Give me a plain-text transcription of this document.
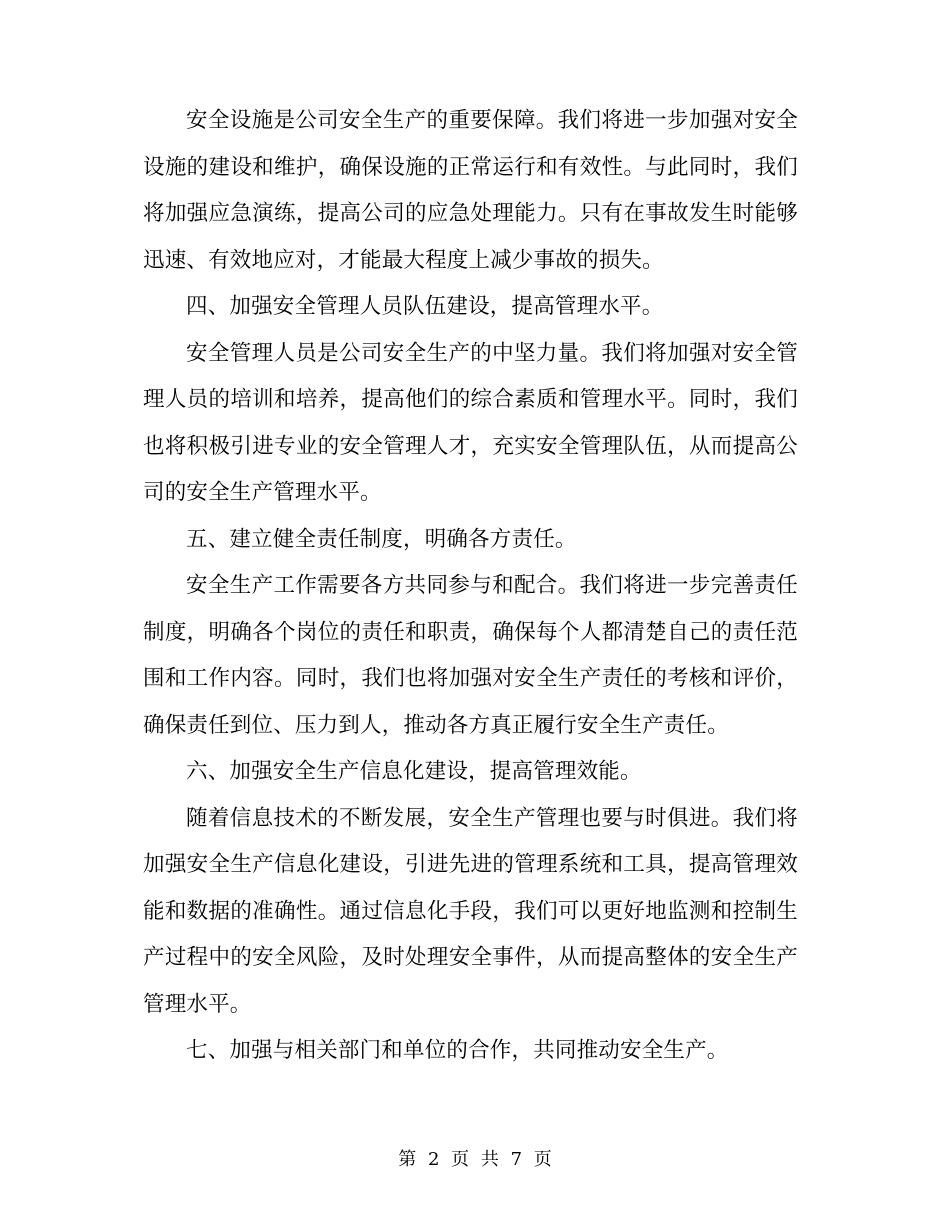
安全设施是公司安全生产的重要保障。我们将进一步加强对安全设施的建设和维护，确保设施的正常运行和有效性。与此同时，我们将加强应急演练，提高公司的应急处理能力。只有在事故发生时能够迅速、有效地应对，才能最大程度上减少事故的损失。

四、加强安全管理人员队伍建设，提高管理水平。

安全管理人员是公司安全生产的中坚力量。我们将加强对安全管理人员的培训和培养，提高他们的综合素质和管理水平。同时，我们也将积极引进专业的安全管理人才，充实安全管理队伍，从而提高公司的安全生产管理水平。

五、建立健全责任制度，明确各方责任。

安全生产工作需要各方共同参与和配合。我们将进一步完善责任制度，明确各个岗位的责任和职责，确保每个人都清楚自己的责任范围和工作内容。同时，我们也将加强对安全生产责任的考核和评价，确保责任到位、压力到人，推动各方真正履行安全生产责任。

六、加强安全生产信息化建设，提高管理效能。

随着信息技术的不断发展，安全生产管理也要与时俱进。我们将加强安全生产信息化建设，引进先进的管理系统和工具，提高管理效能和数据的准确性。通过信息化手段，我们可以更好地监测和控制生产过程中的安全风险，及时处理安全事件，从而提高整体的安全生产管理水平。

七、加强与相关部门和单位的合作，共同推动安全生产。

第 2 页 共 7 页
